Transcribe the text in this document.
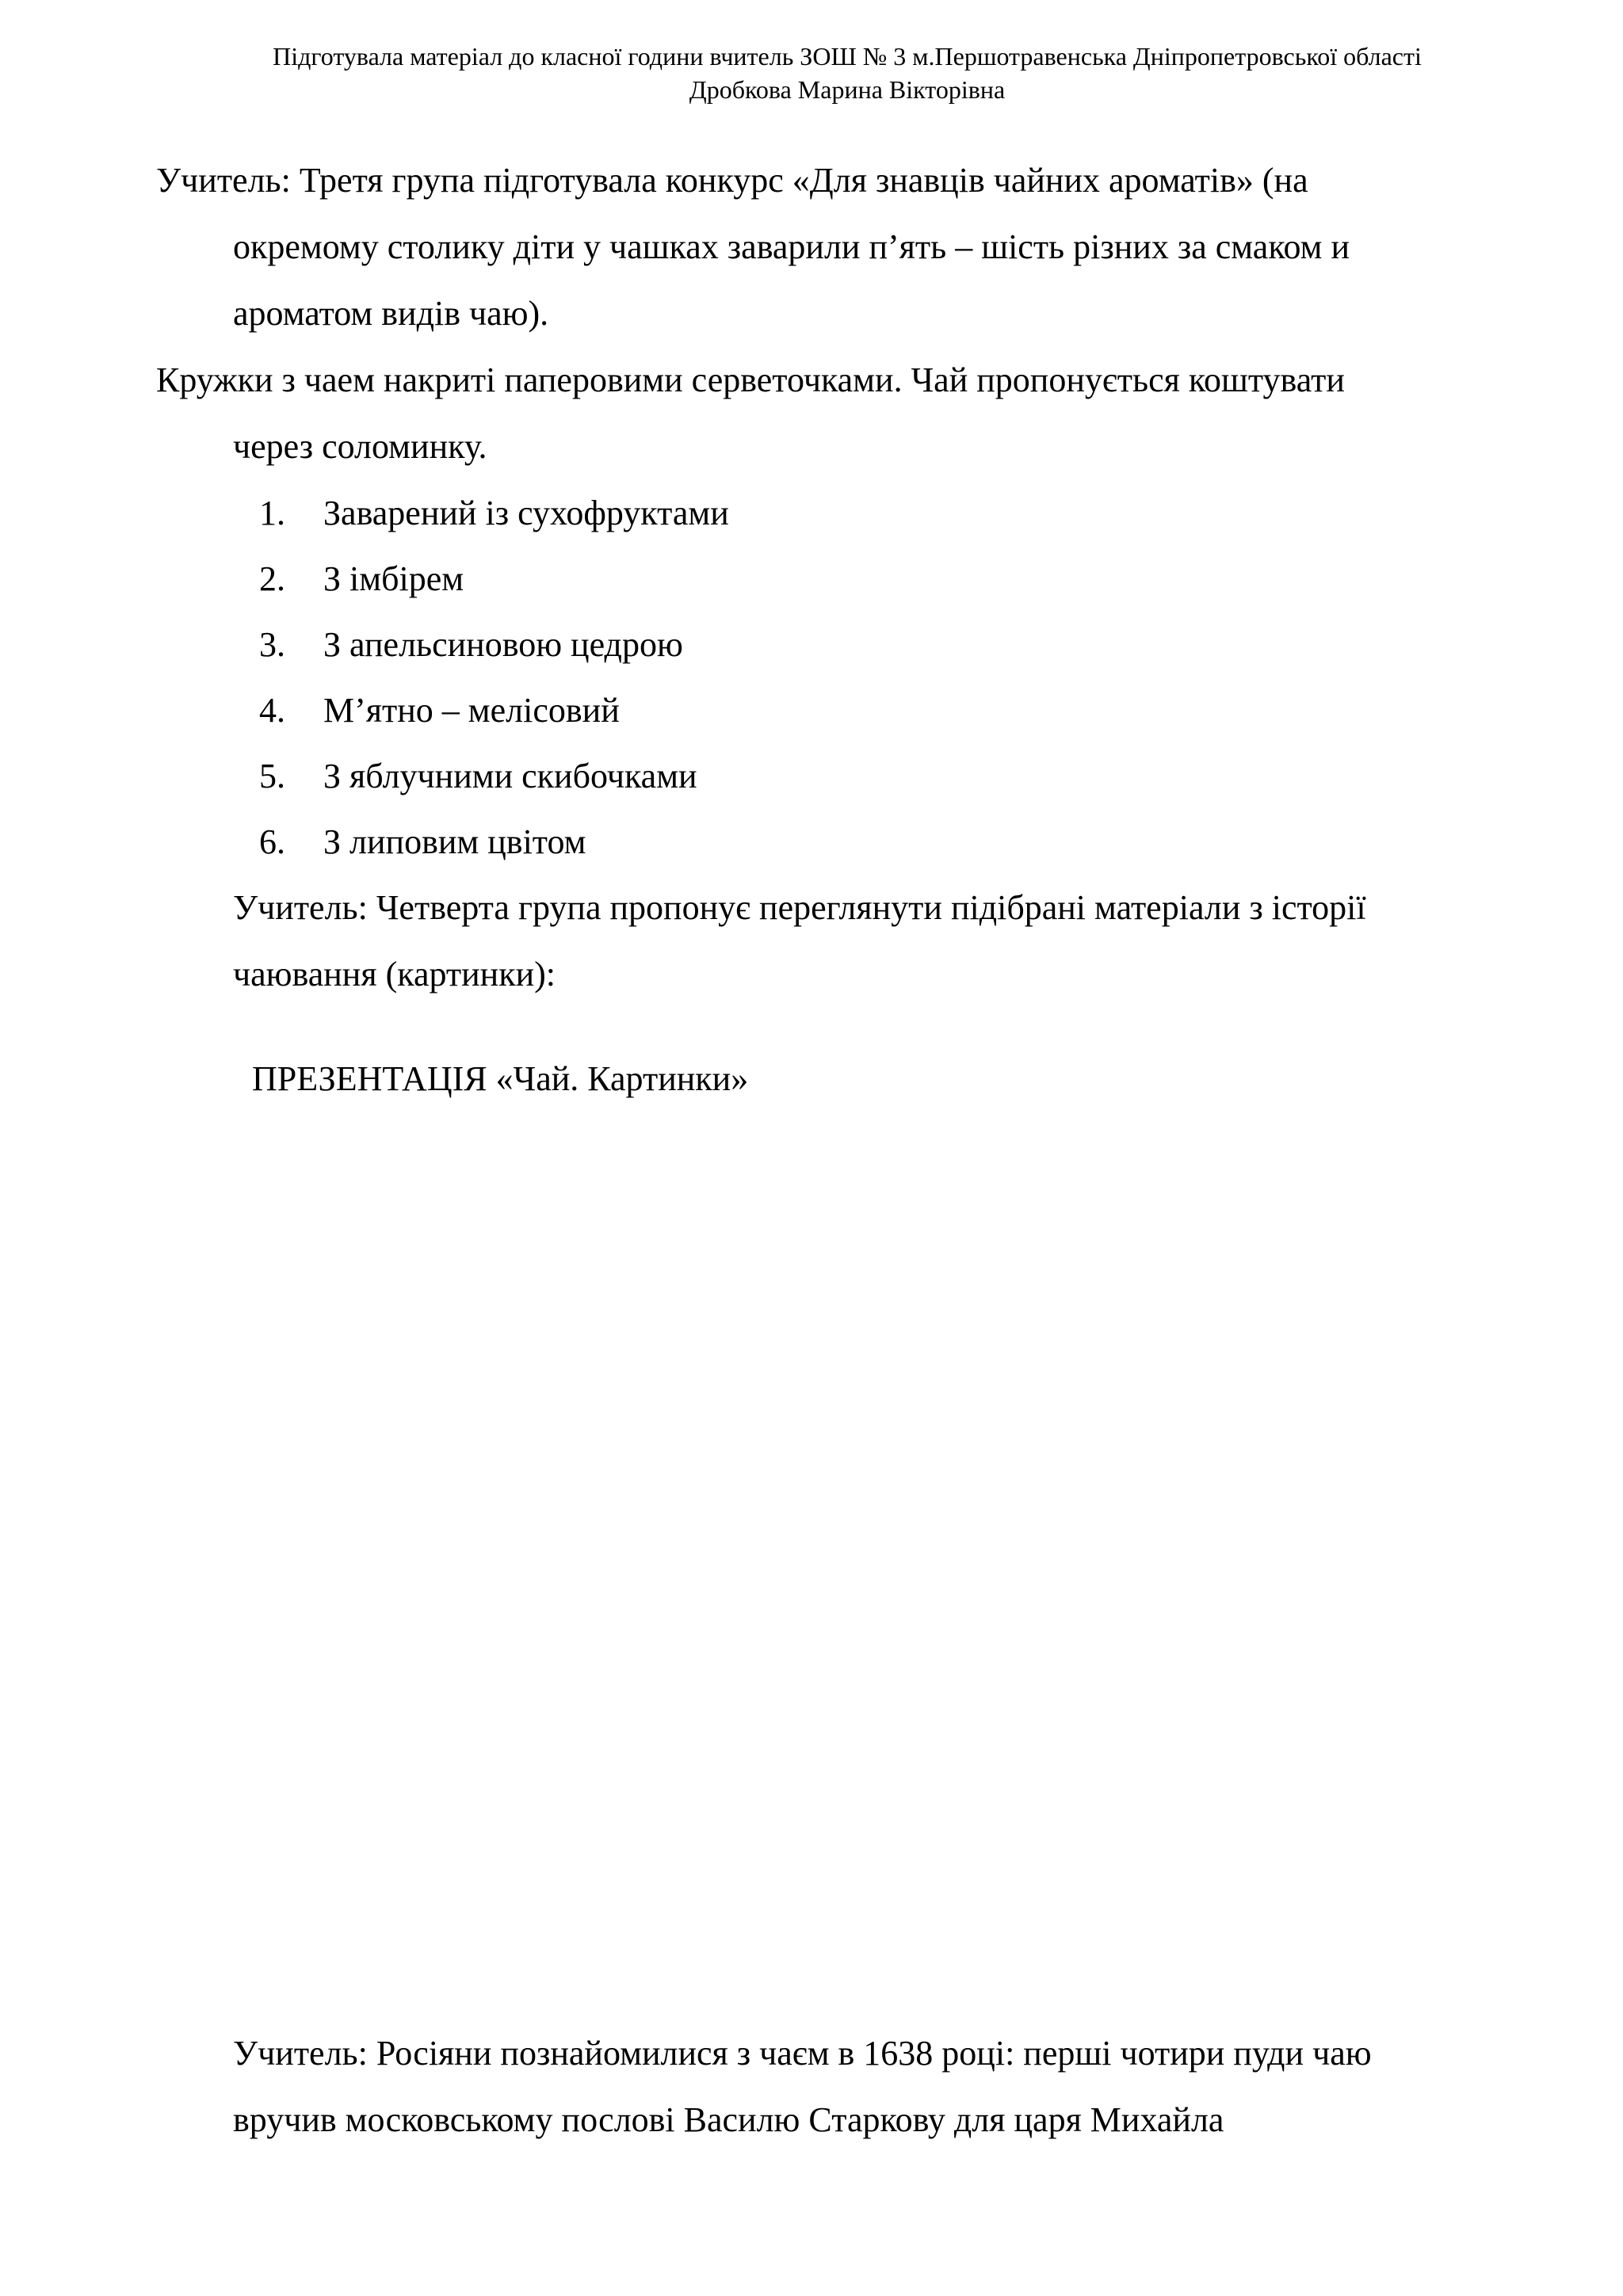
Підготувала матеріал до класної години вчитель ЗОШ № 3 м.Першотравенська Дніпропетровської області
Дробкова Марина Вікторівна
Учитель: Третя група підготувала конкурс «Для знавців чайних ароматів» (на
окремому столику діти у чашках заварили п’ять – шість різних за смаком и
ароматом видів чаю).
Кружки з чаем накриті паперовими серветочками. Чай пропонується коштувати
через соломинку.
1. Заварений із сухофруктами
2. З імбірем
3. З апельсиновою цедрою
4. М’ятно – мелісовий
5. З яблучними скибочками
6. З липовим цвітом
Учитель: Четверта група пропонує переглянути підібрані матеріали з історії
чаювання (картинки):
ПРЕЗЕНТАЦІЯ «Чай. Картинки»
Учитель: Росіяни познайомилися з чаєм в 1638 році: перші чотири пуди чаю
вручив московському послові Василю Старкову для царя Михайла
